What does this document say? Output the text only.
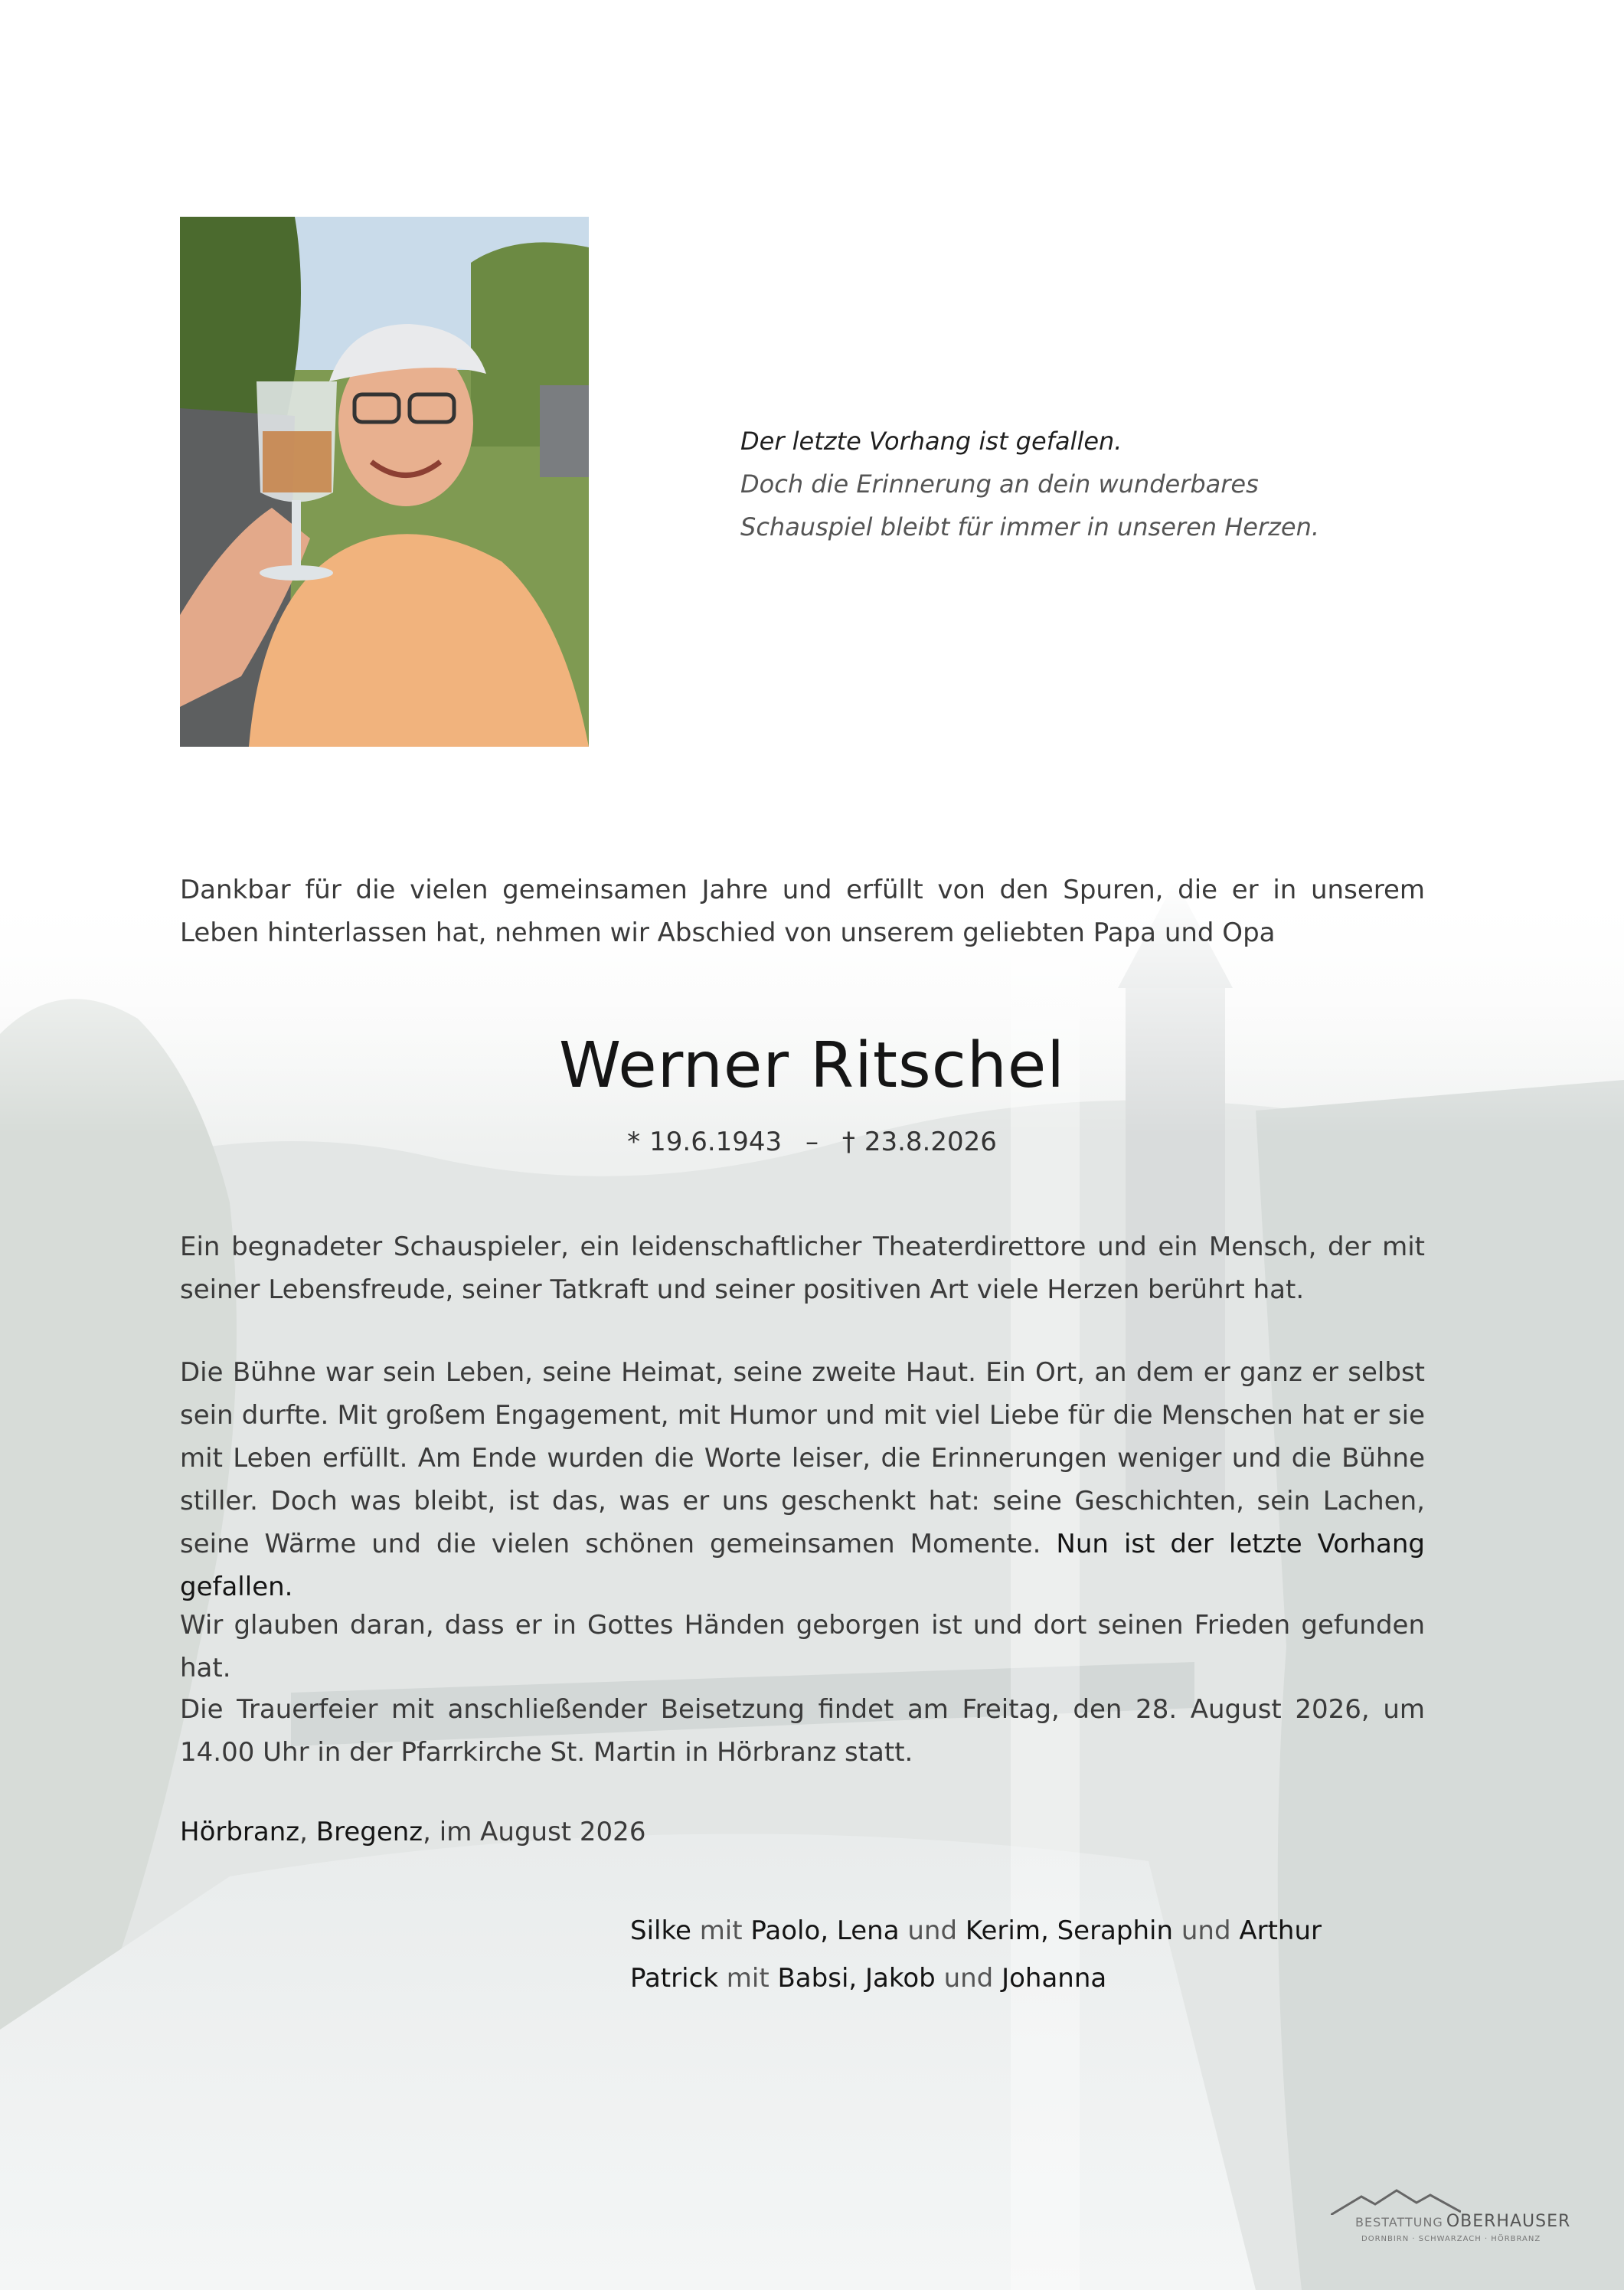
Der letzte Vorhang ist gefallen.
Doch die Erinnerung an dein wunderbares
Schauspiel bleibt für immer in unseren Herzen.
Dankbar für die vielen gemeinsamen Jahre und erfüllt von den Spuren, die er in unserem Leben hinterlassen hat, nehmen wir Abschied von unserem geliebten Papa und Opa
Werner Ritschel
* 19.6.1943 – † 23.8.2026
Ein begnadeter Schauspieler, ein leidenschaftlicher Theaterdirettore und ein Mensch, der mit seiner Lebensfreude, seiner Tatkraft und seiner positiven Art viele Herzen berührt hat.
Die Bühne war sein Leben, seine Heimat, seine zweite Haut. Ein Ort, an dem er ganz er selbst sein durfte. Mit großem Engagement, mit Humor und mit viel Liebe für die Menschen hat er sie mit Leben erfüllt. Am Ende wurden die Worte leiser, die Erinnerungen weniger und die Bühne stiller. Doch was bleibt, ist das, was er uns geschenkt hat: seine Geschichten, sein Lachen, seine Wärme und die vielen schönen gemeinsamen Momente. Nun ist der letzte Vorhang gefallen.
Wir glauben daran, dass er in Gottes Händen geborgen ist und dort seinen Frieden gefunden hat.
Die Trauerfeier mit anschließender Beisetzung findet am Freitag, den 28. August 2026, um 14.00 Uhr in der Pfarrkirche St. Martin in Hörbranz statt.
Hörbranz, Bregenz, im August 2026
Silke mit Paolo, Lena und Kerim, Seraphin und Arthur
Patrick mit Babsi, Jakob und Johanna
BESTATTUNG OBERHAUSER
DORNBIRN · SCHWARZACH · HÖRBRANZ
